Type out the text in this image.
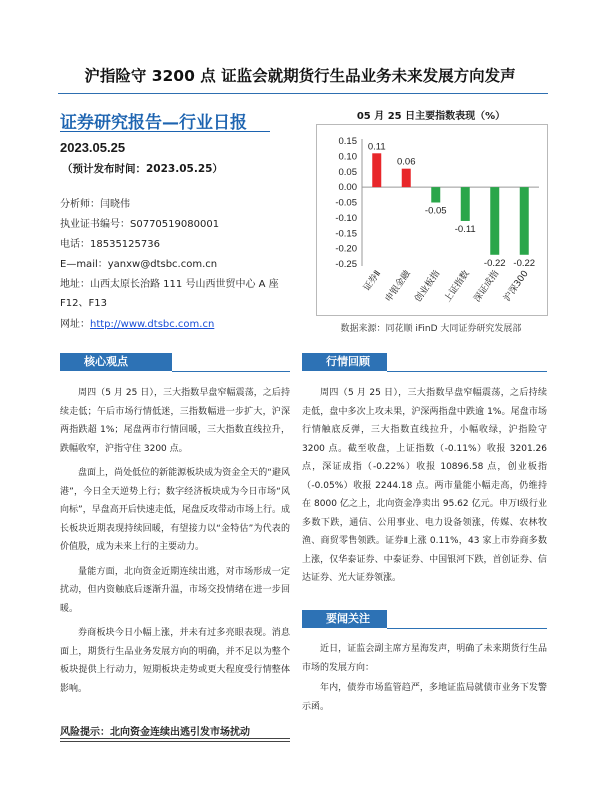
沪指险守 3200 点 证监会就期货行生品业务未来发展方向发声
证券研究报告—行业日报
2023.05.25
（预计发布时间：2023.05.25）
分析师：闫晓伟
执业证书编号：S0770519080001
电话：18535125736
E—mail：yanxw@dtsbc.com.cn
地址：山西太原长治路 111 号山西世贸中心 A 座 F12、F13
网址：http://www.dtsbc.com.cn
05 月 25 日主要指数表现（%）
0.15
0.10
0.05
0.00
-0.05
-0.10
-0.15
-0.20
-0.25
0.11
证券Ⅱ
0.06
申银金融
-0.05
创业板指
-0.11
上证指数
-0.22
深证成指
-0.22
沪深300
数据来源：同花顺 iFinD 大同证券研究发展部
核心观点

周四（5 月 25 日），三大指数早盘窄幅震荡，之后持续走低；午后市场行情低迷，三指数幅进一步扩大，沪深两指跌超 1%；尾盘两市行情回暖，三大指数直线拉升，跌幅收窄，沪指守住 3200 点。

盘面上，尚处低位的新能源板块成为资金全天的“避风港”，今日全天逆势上行；数字经济板块成为今日市场“风向标”，早盘高开后快速走低，尾盘反攻带动市场上行。成长板块近期表现持续回暖，有望接力以“金特估”为代表的价值股，成为未来上行的主要动力。

量能方面，北向资金近期连续出逃，对市场形成一定扰动，但内资触底后逐渐升温，市场交投情绪在进一步回暖。

券商板块今日小幅上涨，并未有过多亮眼表现。消息面上，期货行生品业务发展方向的明确，并不足以为整个板块提供上行动力，短期板块走势或更大程度受行情整体影响。

风险提示：北向资金连续出逃引发市场扰动
行情回顾

周四（5 月 25 日），三大指数早盘窄幅震荡，之后持续走低，盘中多次上攻未果，沪深两指盘中跌逾 1%。尾盘市场行情触底反弹，三大指数直线拉升，小幅收绿，沪指险守 3200 点。截至收盘，上证指数（-0.11%）收报 3201.26 点，深证成指（-0.22%）收报 10896.58 点，创业板指（-0.05%）收报 2244.18 点。两市量能小幅走高，仍维持在 8000 亿之上，北向资金净卖出 95.62 亿元。申万Ⅰ级行业多数下跌，通信、公用事业、电力设备领涨，传媒、农林牧渔、商贸零售领跌。证券Ⅱ上涨 0.11%，43 家上市券商多数上涨，仅华泰证券、中泰证券、中国银河下跌，首创证券、信达证券、光大证券领涨。

要闻关注

近日，证监会副主席方星海发声，明确了未来期货行生品市场的发展方向：

年内，债券市场监管趋严，多地证监局就债市业务下发警示函。
